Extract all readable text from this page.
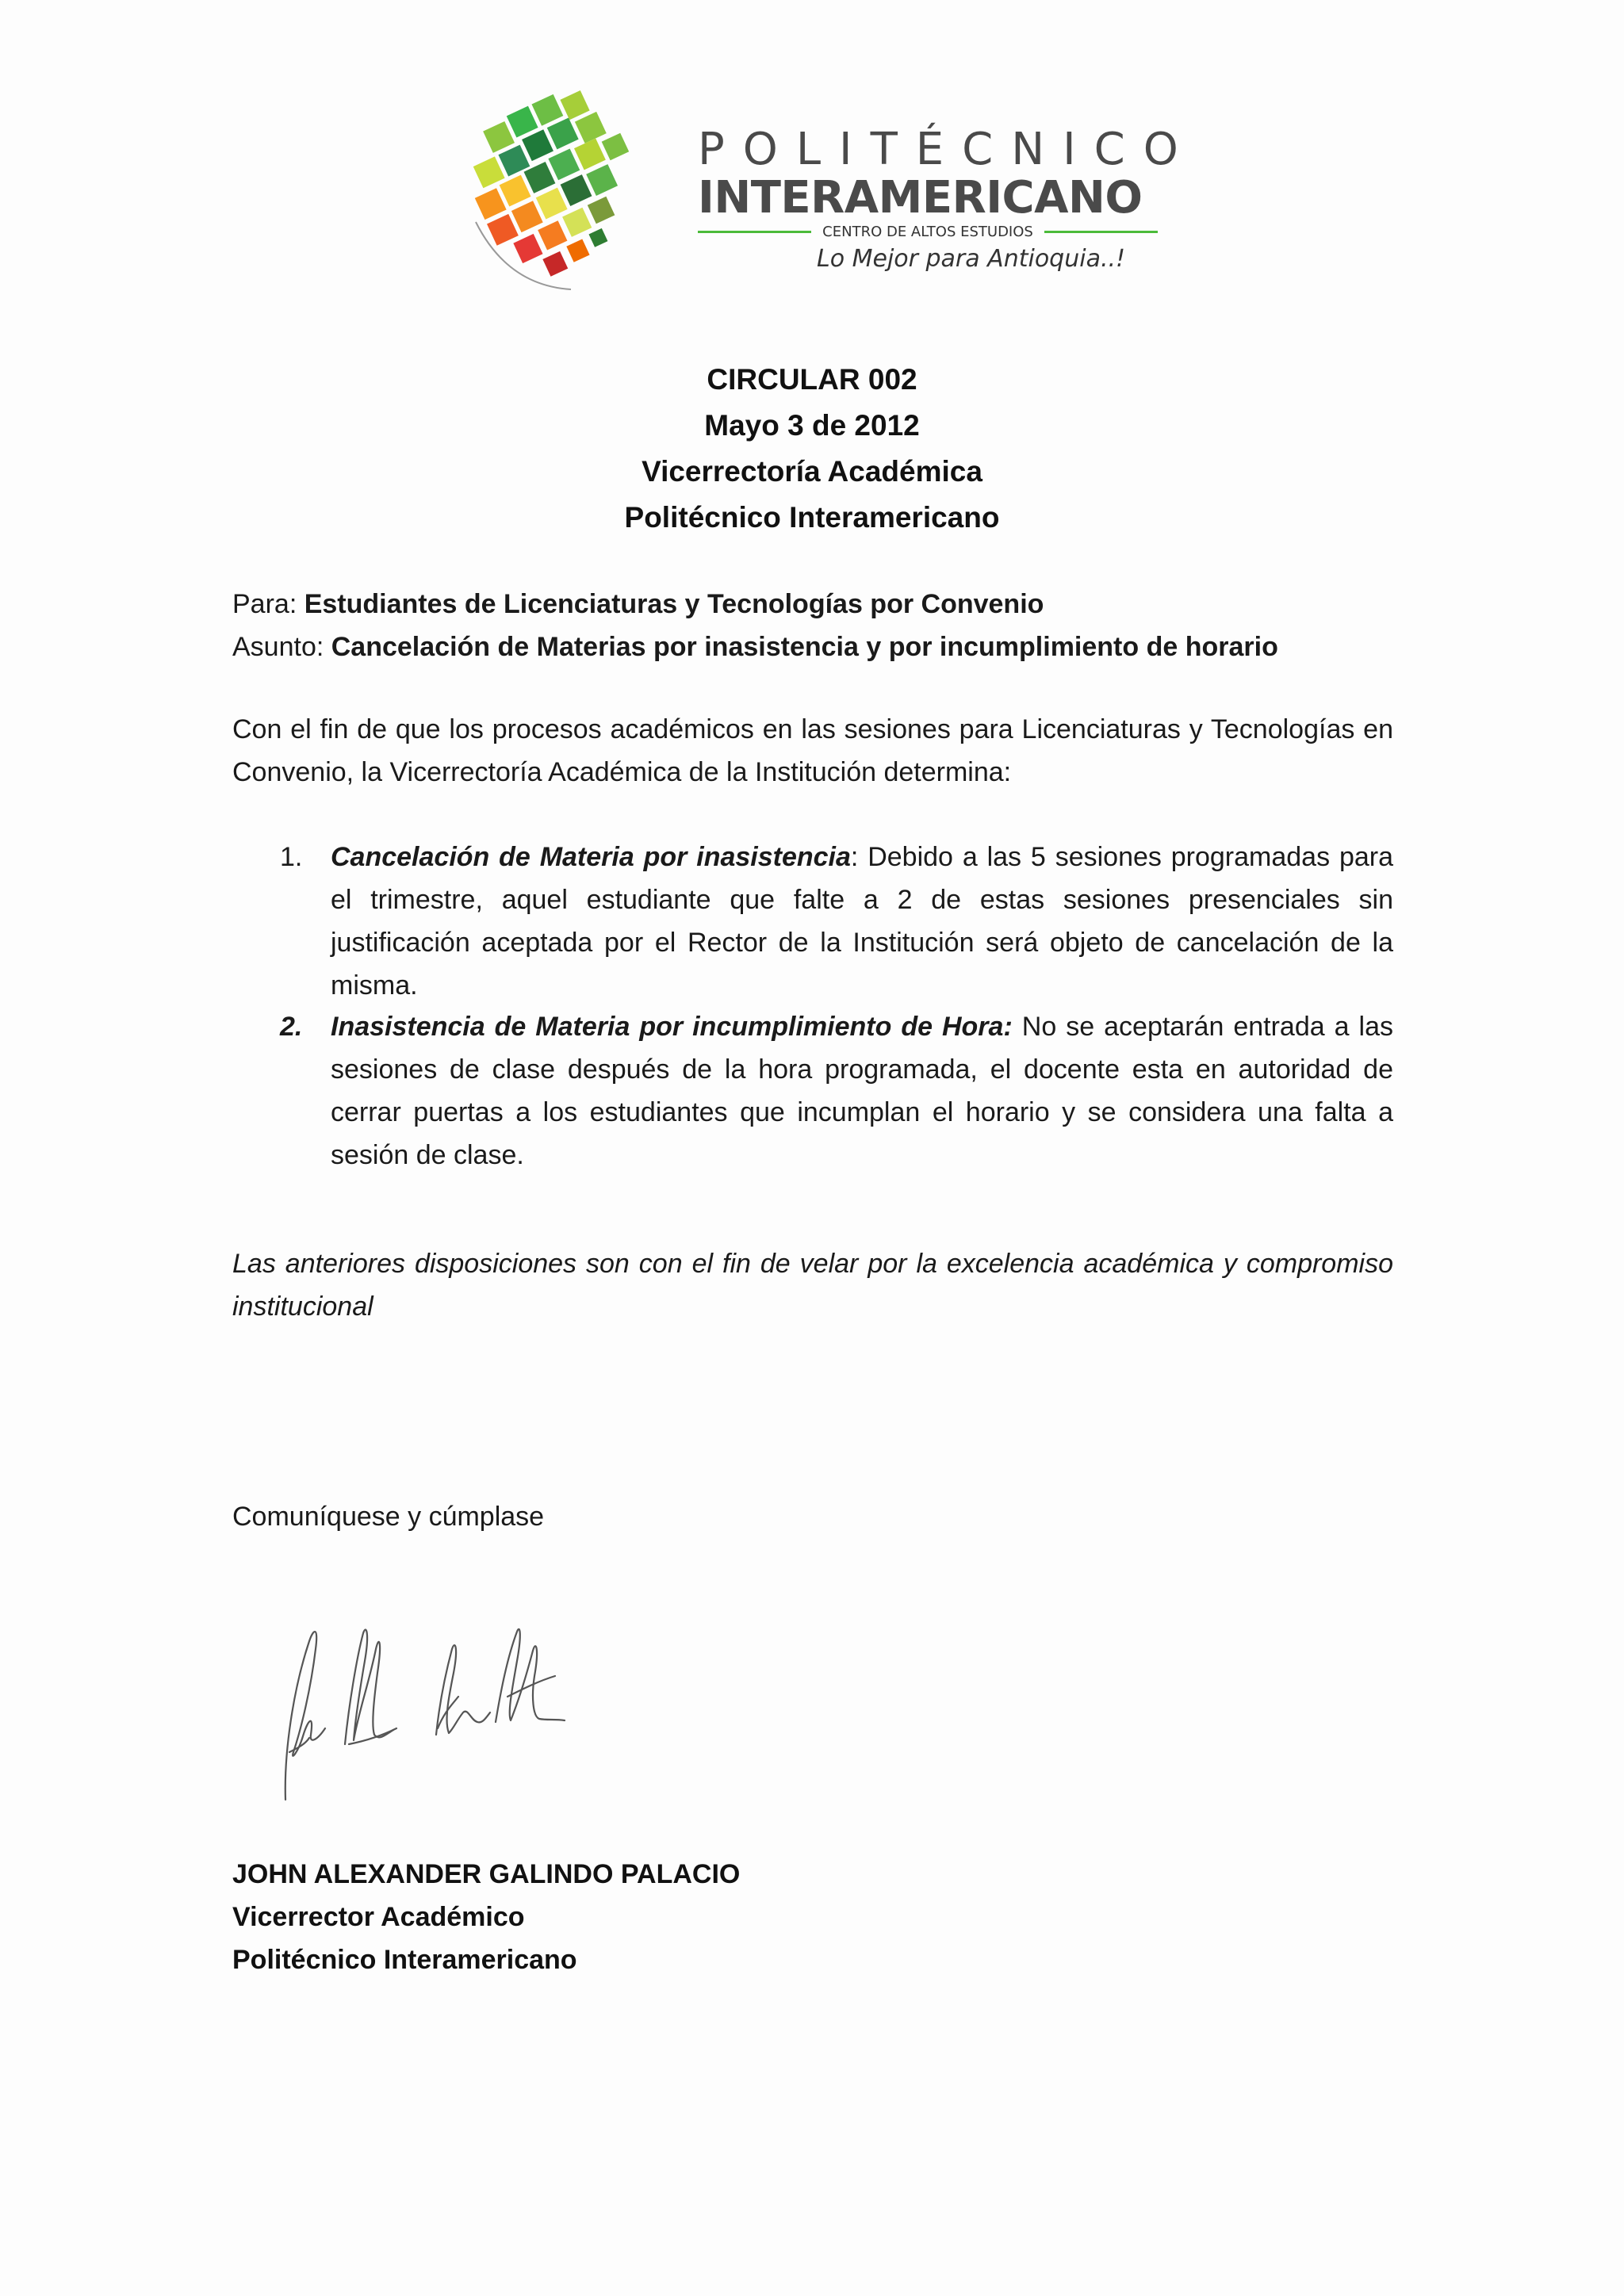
POLITÉCNICO
INTERAMERICANO
CENTRO DE ALTOS ESTUDIOS
Lo Mejor para Antioquia..!
CIRCULAR 002
Mayo 3 de 2012
Vicerrectoría Académica
Politécnico Interamericano
Para: Estudiantes de Licenciaturas y Tecnologías por Convenio
Asunto: Cancelación de Materias por inasistencia y por incumplimiento de horario
Con el fin de que los procesos académicos en las sesiones para Licenciaturas y Tecnologías en Convenio, la Vicerrectoría Académica de la Institución determina:
1. Cancelación de Materia por inasistencia: Debido a las 5 sesiones programadas para el trimestre, aquel estudiante que falte a 2 de estas sesiones presenciales sin justificación aceptada por el Rector de la Institución será objeto de cancelación de la misma.
2. Inasistencia de Materia por incumplimiento de Hora: No se aceptarán entrada a las sesiones de clase después de la hora programada, el docente esta en autoridad de cerrar puertas a los estudiantes que incumplan el horario y se considera una falta a sesión de clase.
Las anteriores disposiciones son con el fin de velar por la excelencia académica y compromiso institucional
Comuníquese y cúmplase
JOHN ALEXANDER GALINDO PALACIO
Vicerrector Académico
Politécnico Interamericano
